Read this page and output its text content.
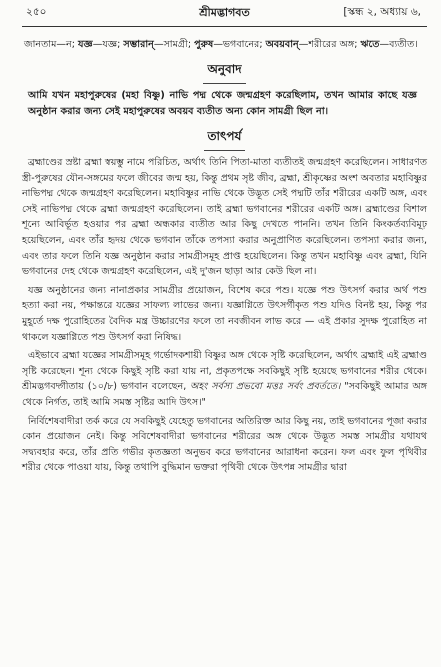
২৫০	শ্রীমদ্ভাগবত	[স্কন্ধ ২, অধ্যায় ৬,
জানতাম—ন; যজ্ঞ—যজ্ঞ; সম্ভারান্—সামগ্রী; পুরুষ—ভগবানের; অবয়বান্—শরীরের অঙ্গ; ঋতে—ব্যতীত।
অনুবাদ
আমি যখন মহাপুরুষের (মহা বিষ্ণু) নাভি পদ্ম থেকে জন্মগ্রহণ করেছিলাম, তখন আমার কাছে যজ্ঞ অনুষ্ঠান করার জন্য সেই মহাপুরুষের অবয়ব ব্যতীত অন্য কোন সামগ্রী ছিল না।
তাৎপর্য

ব্রহ্মাণ্ডের স্রষ্টা ব্রহ্মা স্বয়ম্ভু নামে পরিচিত, অর্থাৎ তিনি পিতা-মাতা ব্যতীতই জন্মগ্রহণ করেছিলেন। সাধারণত স্ত্রী-পুরুষের যৌন-সঙ্গমের ফলে জীবের জন্ম হয়, কিন্তু প্রথম সৃষ্ট জীব, ব্রহ্মা, শ্রীকৃষ্ণের অংশ অবতার মহাবিষ্ণুর নাভিপদ্ম থেকে জন্মগ্রহণ করেছিলেন। মহাবিষ্ণুর নাভি থেকে উদ্ভূত সেই পদ্মটি তাঁর শরীরের একটি অঙ্গ, এবং সেই নাভিপদ্ম থেকে ব্রহ্মা জন্মগ্রহণ করেছিলেন। তাই ব্রহ্মা ভগবানের শরীরের একটি অঙ্গ। ব্রহ্মাণ্ডের বিশাল শূন্যে আবির্ভূত হওয়ার পর ব্রহ্মা অন্ধকার ব্যতীত আর কিছু দেখতে পাননি। তখন তিনি কিংকর্তব্যবিমূঢ় হয়েছিলেন, এবং তাঁর হৃদয় থেকে ভগবান তাঁকে তপস্যা করার অনুপ্রাণিত করেছিলেন। তপস্যা করার জন্য, এবং তার ফলে তিনি যজ্ঞ অনুষ্ঠান করার সামগ্রীসমূহ প্রাপ্ত হয়েছিলেন। কিন্তু তখন মহাবিষ্ণু এবং ব্রহ্মা, যিনি ভগবানের দেহ থেকে জন্মগ্রহণ করেছিলেন, এই দু'জন ছাড়া আর কেউ ছিল না।

যজ্ঞ অনুষ্ঠানের জন্য নানাপ্রকার সামগ্রীর প্রয়োজন, বিশেষ করে পশু। যজ্ঞে পশু উৎসর্গ করার অর্থ পশু হত্যা করা নয়, পক্ষান্তরে যজ্ঞের সাফল্য লাভের জন্য। যজ্ঞাগ্নিতে উৎসর্গীকৃত পশু যদিও বিনষ্ট হয়, কিন্তু পর মুহূর্তে দক্ষ পুরোহিতের বৈদিক মন্ত্র উচ্চারণের ফলে তা নবজীবন লাভ করে — এই প্রকার সুদক্ষ পুরোহিত না থাকলে যজ্ঞাগ্নিতে পশু উৎসর্গ করা নিষিদ্ধ।

এইভাবে ব্রহ্মা যজ্ঞের সামগ্রীসমূহ গর্ভোদকশায়ী বিষ্ণুর অঙ্গ থেকে সৃষ্টি করেছিলেন, অর্থাৎ ব্রহ্মাই এই ব্রহ্মাণ্ড সৃষ্টি করেছেন। শূন্য থেকে কিছুই সৃষ্টি করা যায় না, প্রকৃতপক্ষে সবকিছুই সৃষ্টি হয়েছে ভগবানের শরীর থেকে। শ্রীমদ্ভগবদ্গীতায় (১০/৮) ভগবান বলেছেন, অহং সর্বস্য প্রভবো মত্তঃ সর্বং প্রবর্ততে। "সবকিছুই আমার অঙ্গ থেকে নির্গত, তাই আমি সমস্ত সৃষ্টির আদি উৎস।"

নির্বিশেষবাদীরা তর্ক করে যে সবকিছুই যেহেতু ভগবানের অতিরিক্ত আর কিছু নয়, তাই ভগবানের পূজা করার কোন প্রয়োজন নেই। কিন্তু সবিশেষবাদীরা ভগবানের শরীরের অঙ্গ থেকে উদ্ভূত সমস্ত সামগ্রীর যথাযথ সদ্ব্যবহার করে, তাঁর প্রতি গভীর কৃতজ্ঞতা অনুভব করে ভগবানের আরাধনা করেন। ফল এবং ফুল পৃথিবীর শরীর থেকে পাওয়া যায়, কিন্তু তথাপি বুদ্ধিমান ভক্তরা পৃথিবী থেকে উৎপন্ন সামগ্রীর দ্বারা
